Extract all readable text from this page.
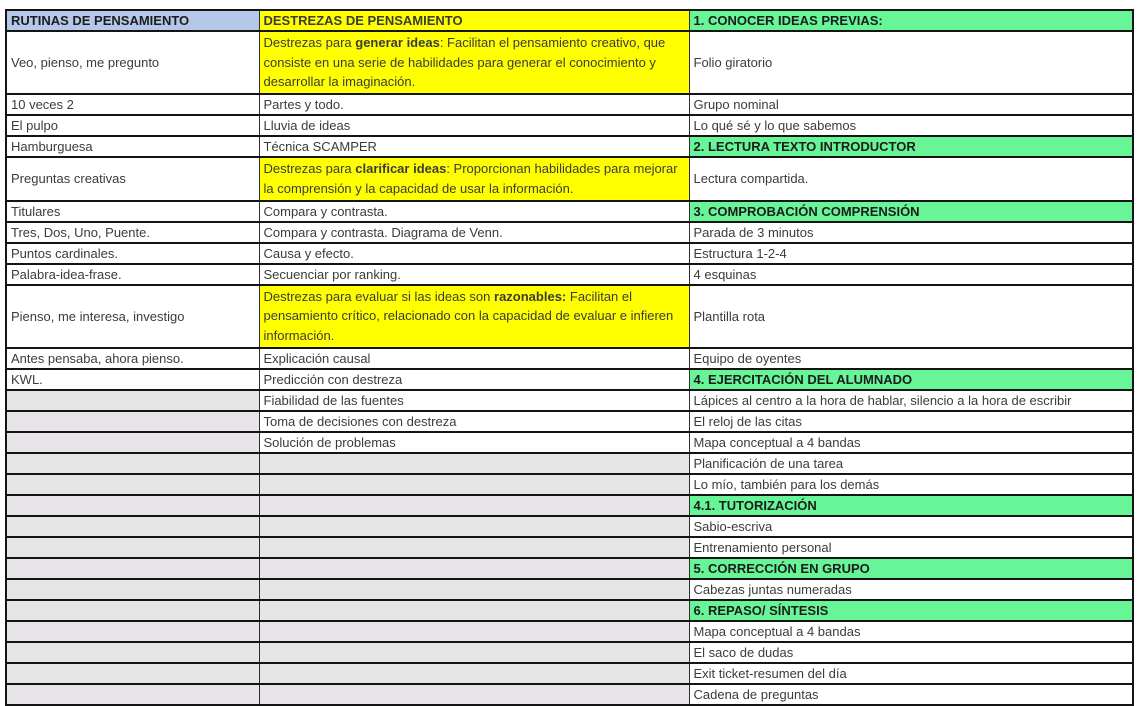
RUTINAS DE PENSAMIENTO	DESTREZAS DE PENSAMIENTO	1. CONOCER IDEAS PREVIAS:
Veo, pienso, me pregunto	Destrezas para generar ideas: Facilitan el pensamiento creativo, que consiste en una serie de habilidades para generar el conocimiento y desarrollar la imaginación.	Folio giratorio
10 veces 2	Partes y todo.	Grupo nominal
El pulpo	Lluvia de ideas	Lo qué sé y lo que sabemos
Hamburguesa	Técnica SCAMPER	2. LECTURA TEXTO INTRODUCTOR
Preguntas creativas	Destrezas para clarificar ideas: Proporcionan habilidades para mejorar la comprensión y la capacidad de usar la información.	Lectura compartida.
Titulares	Compara y contrasta.	3. COMPROBACIÓN COMPRENSIÓN
Tres, Dos, Uno, Puente.	Compara y contrasta. Diagrama de Venn.	Parada de 3 minutos
Puntos cardinales.	Causa y efecto.	Estructura 1-2-4
Palabra-idea-frase.	Secuenciar por ranking.	4 esquinas
Pienso, me interesa, investigo	Destrezas para evaluar si las ideas son razonables: Facilitan el pensamiento crítico, relacionado con la capacidad de evaluar e infieren información.	Plantilla rota
Antes pensaba, ahora pienso.	Explicación causal	Equipo de oyentes
KWL.	Predicción con destreza	4. EJERCITACIÓN DEL ALUMNADO
	Fiabilidad de las fuentes	Lápices al centro a la hora de hablar, silencio a la hora de escribir
	Toma de decisiones con destreza	El reloj de las citas
	Solución de problemas	Mapa conceptual a 4 bandas
		Planificación de una tarea
		Lo mío, también para los demás
		4.1. TUTORIZACIÓN
		Sabio-escriva
		Entrenamiento personal
		5. CORRECCIÓN EN GRUPO
		Cabezas juntas numeradas
		6. REPASO/ SÍNTESIS
		Mapa conceptual a 4 bandas
		El saco de dudas
		Exit ticket-resumen del día
		Cadena de preguntas
